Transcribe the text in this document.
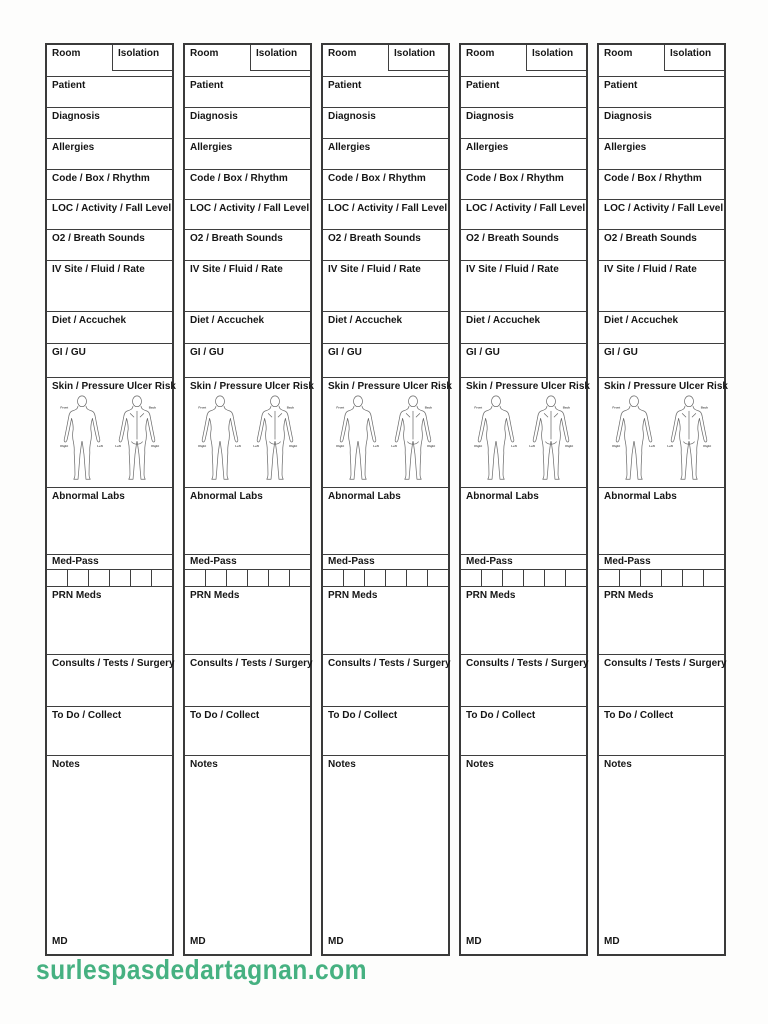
Room	Isolation
Patient
Diagnosis
Allergies
Code / Box / Rhythm
LOC / Activity / Fall Level
O2 / Breath Sounds
IV Site / Fluid / Rate
Diet / Accuchek
GI / GU
Skin / Pressure Ulcer Risk
Front
Right	Left
Back
Left	Right
Abnormal Labs
Med-Pass
PRN Meds
Consults / Tests / Surgery
To Do / Collect
Notes
MD
Room	Isolation
Patient
Diagnosis
Allergies
Code / Box / Rhythm
LOC / Activity / Fall Level
O2 / Breath Sounds
IV Site / Fluid / Rate
Diet / Accuchek
GI / GU
Skin / Pressure Ulcer Risk
Front
Right	Left
Back
Left	Right
Abnormal Labs
Med-Pass
PRN Meds
Consults / Tests / Surgery
To Do / Collect
Notes
MD
Room	Isolation
Patient
Diagnosis
Allergies
Code / Box / Rhythm
LOC / Activity / Fall Level
O2 / Breath Sounds
IV Site / Fluid / Rate
Diet / Accuchek
GI / GU
Skin / Pressure Ulcer Risk
Front
Right	Left
Back
Left	Right
Abnormal Labs
Med-Pass
PRN Meds
Consults / Tests / Surgery
To Do / Collect
Notes
MD
Room	Isolation
Patient
Diagnosis
Allergies
Code / Box / Rhythm
LOC / Activity / Fall Level
O2 / Breath Sounds
IV Site / Fluid / Rate
Diet / Accuchek
GI / GU
Skin / Pressure Ulcer Risk
Front
Right	Left
Back
Left	Right
Abnormal Labs
Med-Pass
PRN Meds
Consults / Tests / Surgery
To Do / Collect
Notes
MD
Room	Isolation
Patient
Diagnosis
Allergies
Code / Box / Rhythm
LOC / Activity / Fall Level
O2 / Breath Sounds
IV Site / Fluid / Rate
Diet / Accuchek
GI / GU
Skin / Pressure Ulcer Risk
Front
Right	Left
Back
Left	Right
Abnormal Labs
Med-Pass
PRN Meds
Consults / Tests / Surgery
To Do / Collect
Notes
MD
surlespasdedartagnan.com
